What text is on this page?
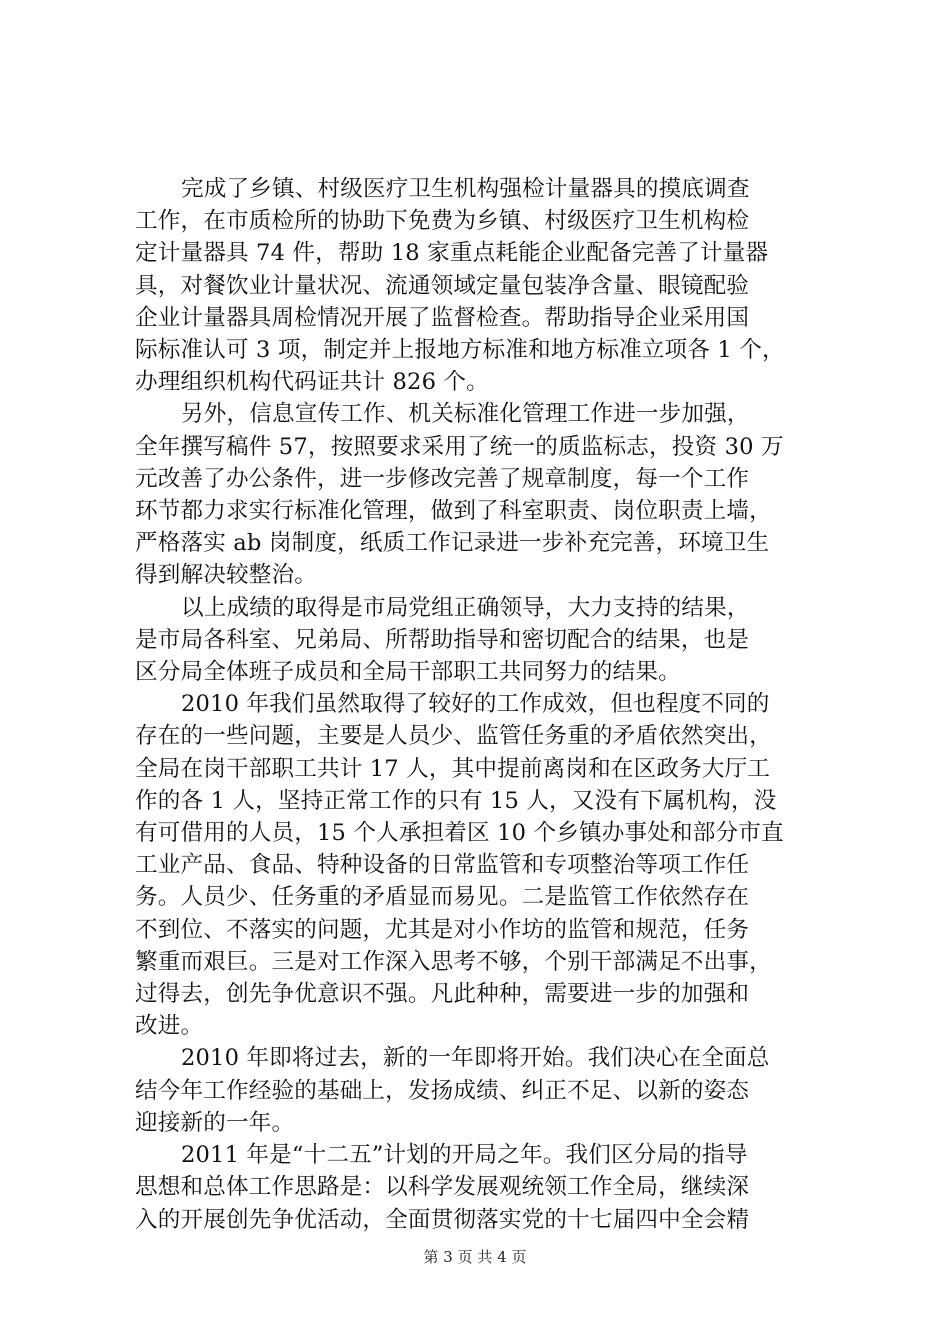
完成了乡镇、村级医疗卫生机构强检计量器具的摸底调查
工作，在市质检所的协助下免费为乡镇、村级医疗卫生机构检
定计量器具 74 件，帮助 18 家重点耗能企业配备完善了计量器
具，对餐饮业计量状况、流通领域定量包装净含量、眼镜配验
企业计量器具周检情况开展了监督检查。帮助指导企业采用国
际标准认可 3 项，制定并上报地方标准和地方标准立项各 1 个，
办理组织机构代码证共计 826 个。

另外，信息宣传工作、机关标准化管理工作进一步加强，
全年撰写稿件 57，按照要求采用了统一的质监标志，投资 30 万
元改善了办公条件，进一步修改完善了规章制度，每一个工作
环节都力求实行标准化管理，做到了科室职责、岗位职责上墙，
严格落实 ab 岗制度，纸质工作记录进一步补充完善，环境卫生
得到解决较整治。

以上成绩的取得是市局党组正确领导，大力支持的结果，
是市局各科室、兄弟局、所帮助指导和密切配合的结果，也是
区分局全体班子成员和全局干部职工共同努力的结果。

2010 年我们虽然取得了较好的工作成效，但也程度不同的
存在的一些问题，主要是人员少、监管任务重的矛盾依然突出，
全局在岗干部职工共计 17 人，其中提前离岗和在区政务大厅工
作的各 1 人，坚持正常工作的只有 15 人，又没有下属机构，没
有可借用的人员，15 个人承担着区 10 个乡镇办事处和部分市直
工业产品、食品、特种设备的日常监管和专项整治等项工作任
务。人员少、任务重的矛盾显而易见。二是监管工作依然存在
不到位、不落实的问题，尤其是对小作坊的监管和规范，任务
繁重而艰巨。三是对工作深入思考不够，个别干部满足不出事，
过得去，创先争优意识不强。凡此种种，需要进一步的加强和
改进。

2010 年即将过去，新的一年即将开始。我们决心在全面总
结今年工作经验的基础上，发扬成绩、纠正不足、以新的姿态
迎接新的一年。

2011 年是“十二五”计划的开局之年。我们区分局的指导
思想和总体工作思路是：以科学发展观统领工作全局，继续深
入的开展创先争优活动，全面贯彻落实党的十七届四中全会精

第 3 页 共 4 页
